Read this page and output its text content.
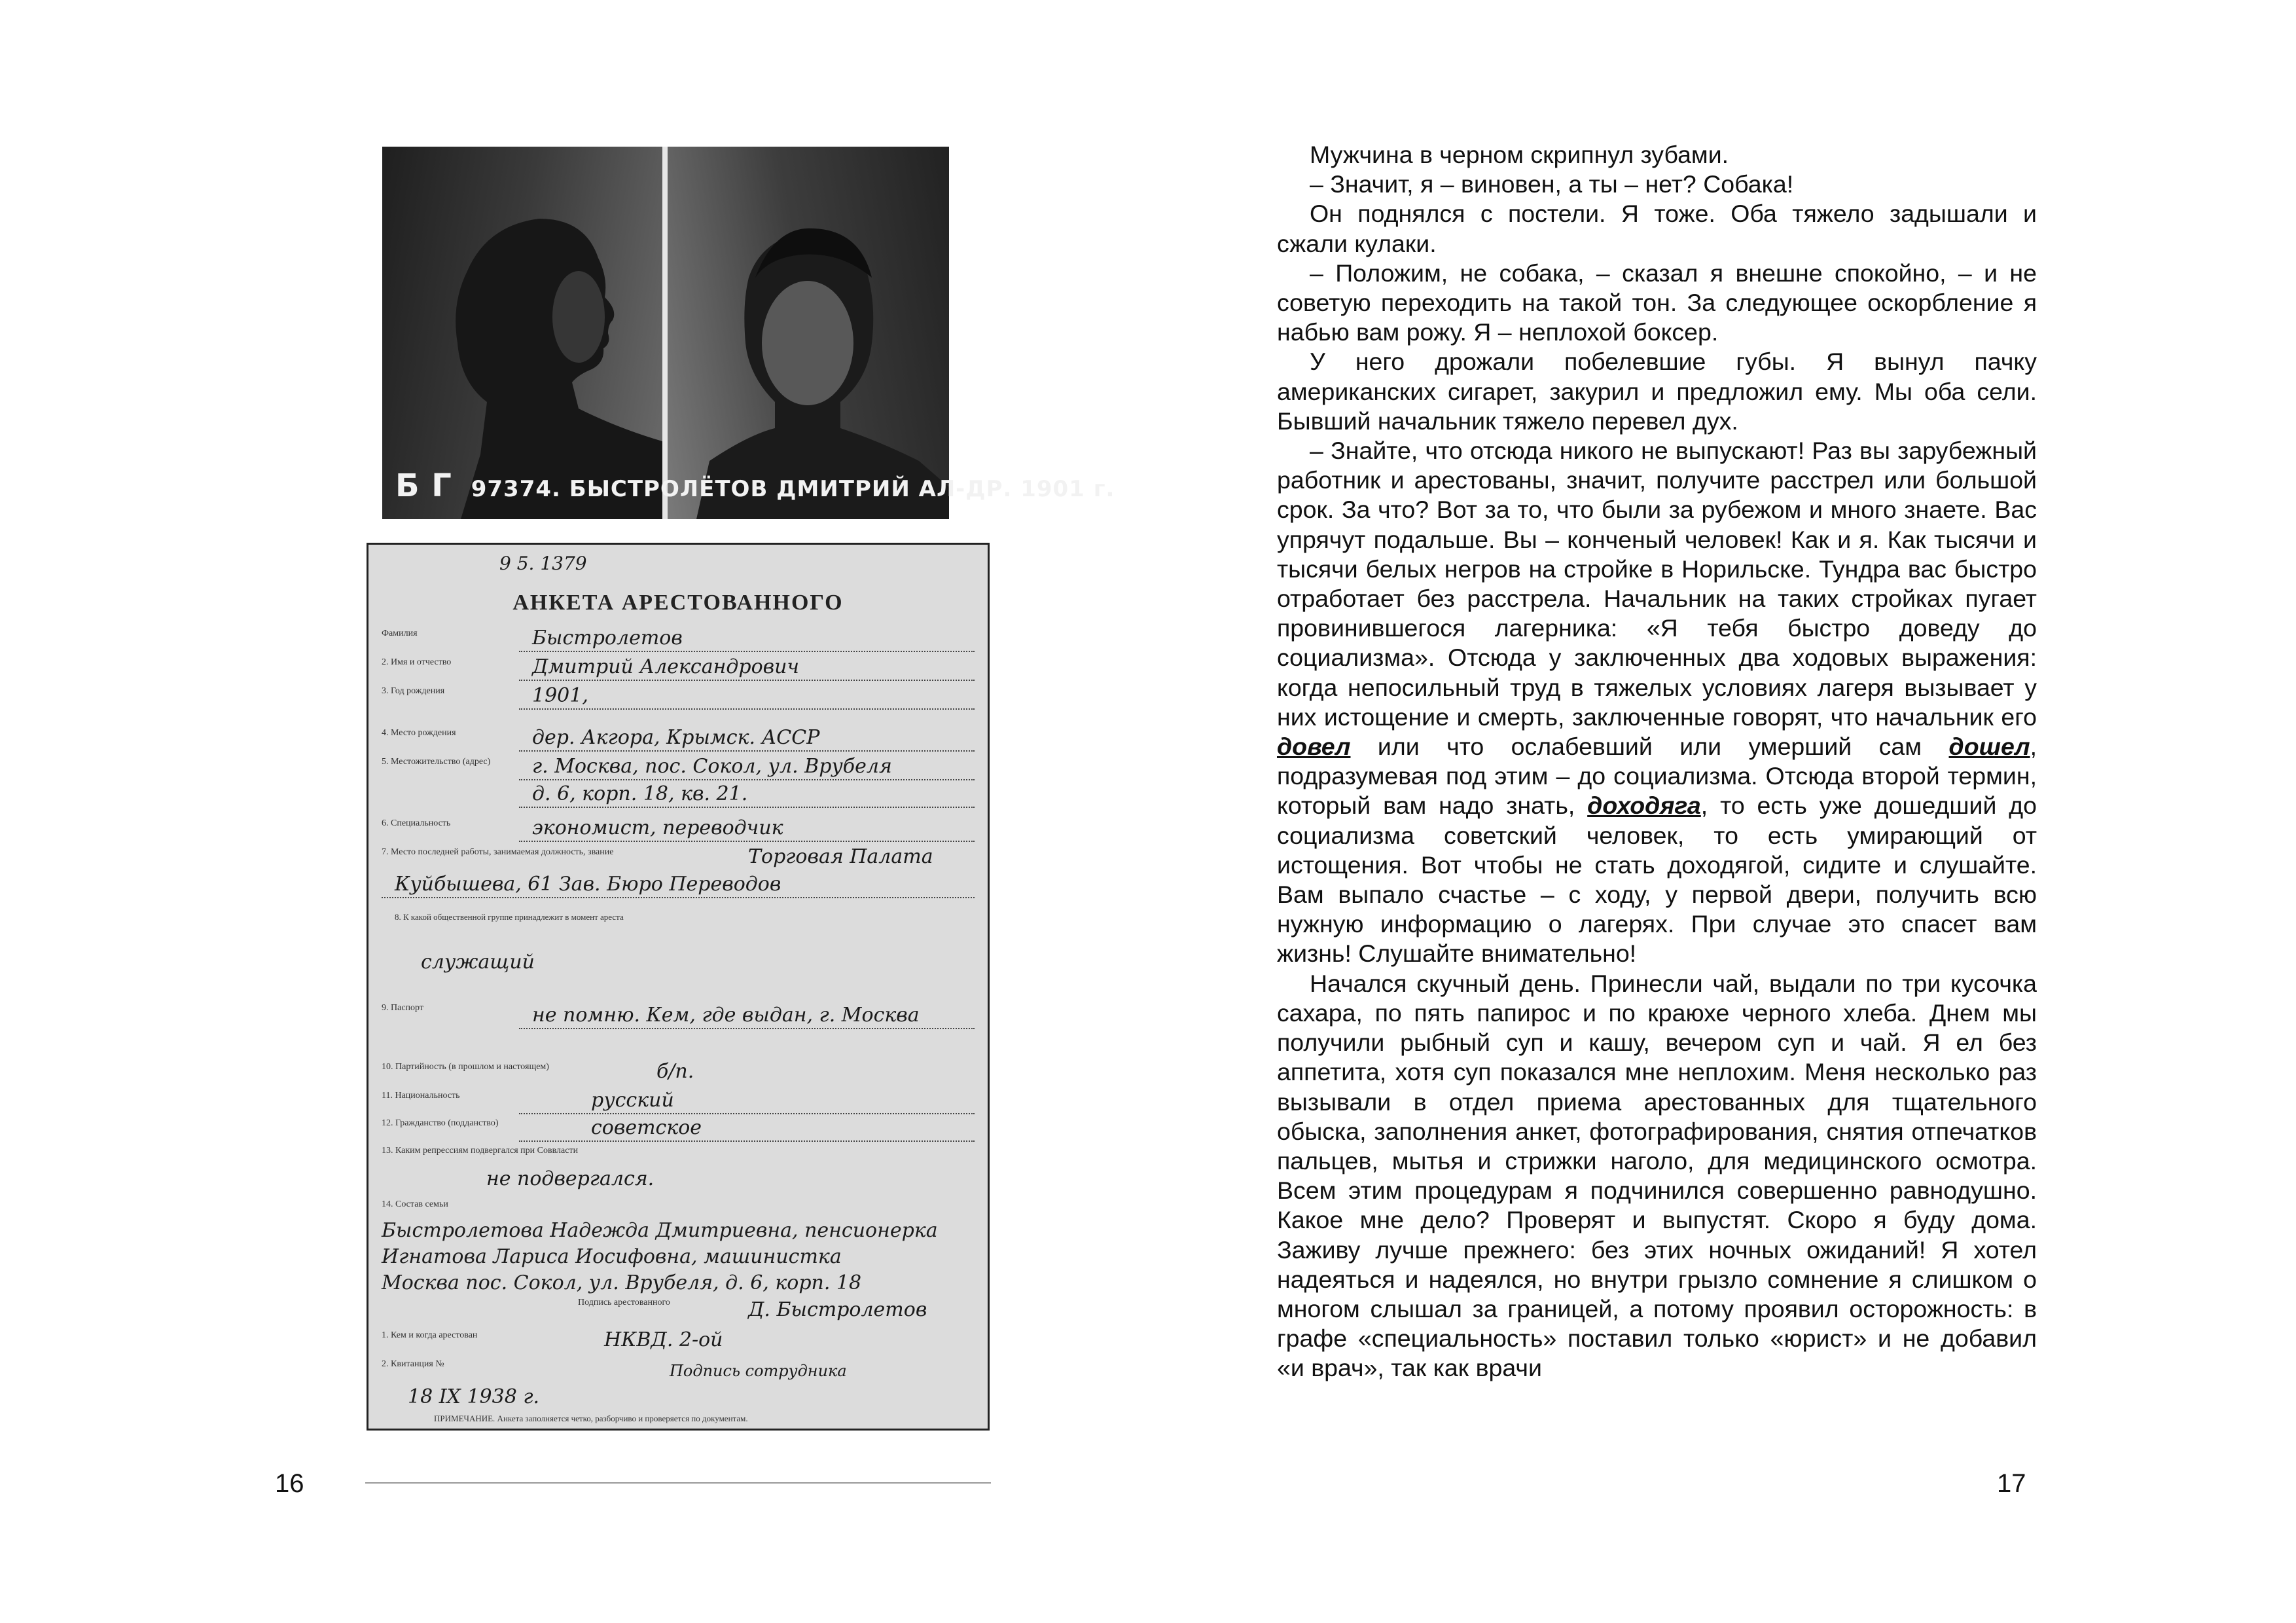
Б Г 97374. БЫСТРОЛЁТОВ ДМИТРИЙ АЛ-ДР. 1901 г.
9 5. 1379
АНКЕТА АРЕСТОВАННОГО
Фамилия	Быстролетов
2. Имя и отчество	Дмитрий Александрович
3. Год рождения	1901,
4. Место рождения	дер. Акгора, Крымск. АССР
5. Местожительство (адрес) г. Москва, пос. Сокол, ул. Врубеля
д. 6, корп. 18, кв. 21.
6. Специальность	экономист, переводчик
7. Место последней работы, занимаемая должность, звание	Торговая Палата
Куйбышева, 61 Зав. Бюро Переводов
8. К какой общественной группе принадлежит в момент ареста
служащий
9. Паспорт	не помню. Кем, где выдан, г. Москва
10. Партийность (в прошлом и настоящем)	б/п.
11. Национальность	русский
12. Гражданство (подданство)	советское
13. Каким репрессиям подвергался при Соввласти
не подвергался.
14. Состав семьи
Быстролетова Надежда Дмитриевна, пенсионерка
Игнатова Лариса Иосифовна, машинистка
Москва пос. Сокол, ул. Врубеля, д. 6, корп. 18
Подпись арестованного	Д. Быстролетов
1. Кем и когда арестован	НКВД. 2-ой
2. Квитанция №	Подпись сотрудника
18 IX 1938 г.
ПРИМЕЧАНИЕ. Анкета заполняется четко, разборчиво и проверяется по документам.
16

Мужчина в черном скрипнул зубами.

– Значит, я – виновен, а ты – нет? Собака!

Он поднялся с постели. Я тоже. Оба тяжело задышали и сжали кулаки.

– Положим, не собака, – сказал я внешне спокойно, – и не советую переходить на такой тон. За следующее оскорбление я набью вам рожу. Я – неплохой боксер.

У него дрожали побелевшие губы. Я вынул пачку американских сигарет, закурил и предложил ему. Мы оба сели. Бывший начальник тяжело перевел дух.

– Знайте, что отсюда никого не выпускают! Раз вы зарубежный работник и арестованы, значит, получите расстрел или большой срок. За что? Вот за то, что были за рубежом и много знаете. Вас упрячут подальше. Вы – конченый человек! Как и я. Как тысячи и тысячи белых негров на стройке в Норильске. Тундра вас быстро отработает без расстрела. Начальник на таких стройках пугает провинившегося лагерника: «Я тебя быстро доведу до социализма». Отсюда у заключенных два ходовых выражения: когда непосильный труд в тяжелых условиях лагеря вызывает у них истощение и смерть, заключенные говорят, что начальник его довел или что ослабевший или умерший сам дошел, подразумевая под этим – до социализма. Отсюда второй термин, который вам надо знать, доходяга, то есть уже дошедший до социализма советский человек, то есть умирающий от истощения. Вот чтобы не стать доходягой, сидите и слушайте. Вам выпало счастье – с ходу, у первой двери, получить всю нужную информацию о лагерях. При случае это спасет вам жизнь! Слушайте внимательно!

Начался скучный день. Принесли чай, выдали по три кусочка сахара, по пять папирос и по краюхе черного хлеба. Днем мы получили рыбный суп и кашу, вечером суп и чай. Я ел без аппетита, хотя суп показался мне неплохим. Меня несколько раз вызывали в отдел приема арестованных для тщательного обыска, заполнения анкет, фотографирования, снятия отпечатков пальцев, мытья и стрижки наголо, для медицинского осмотра. Всем этим процедурам я подчинился совершенно равнодушно. Какое мне дело? Проверят и выпустят. Скоро я буду дома. Заживу лучше прежнего: без этих ночных ожиданий! Я хотел надеяться и надеялся, но внутри грызло сомнение я слишком о многом слышал за границей, а потому проявил осторожность: в графе «специальность» поставил только «юрист» и не добавил «и врач», так как врачи

17
